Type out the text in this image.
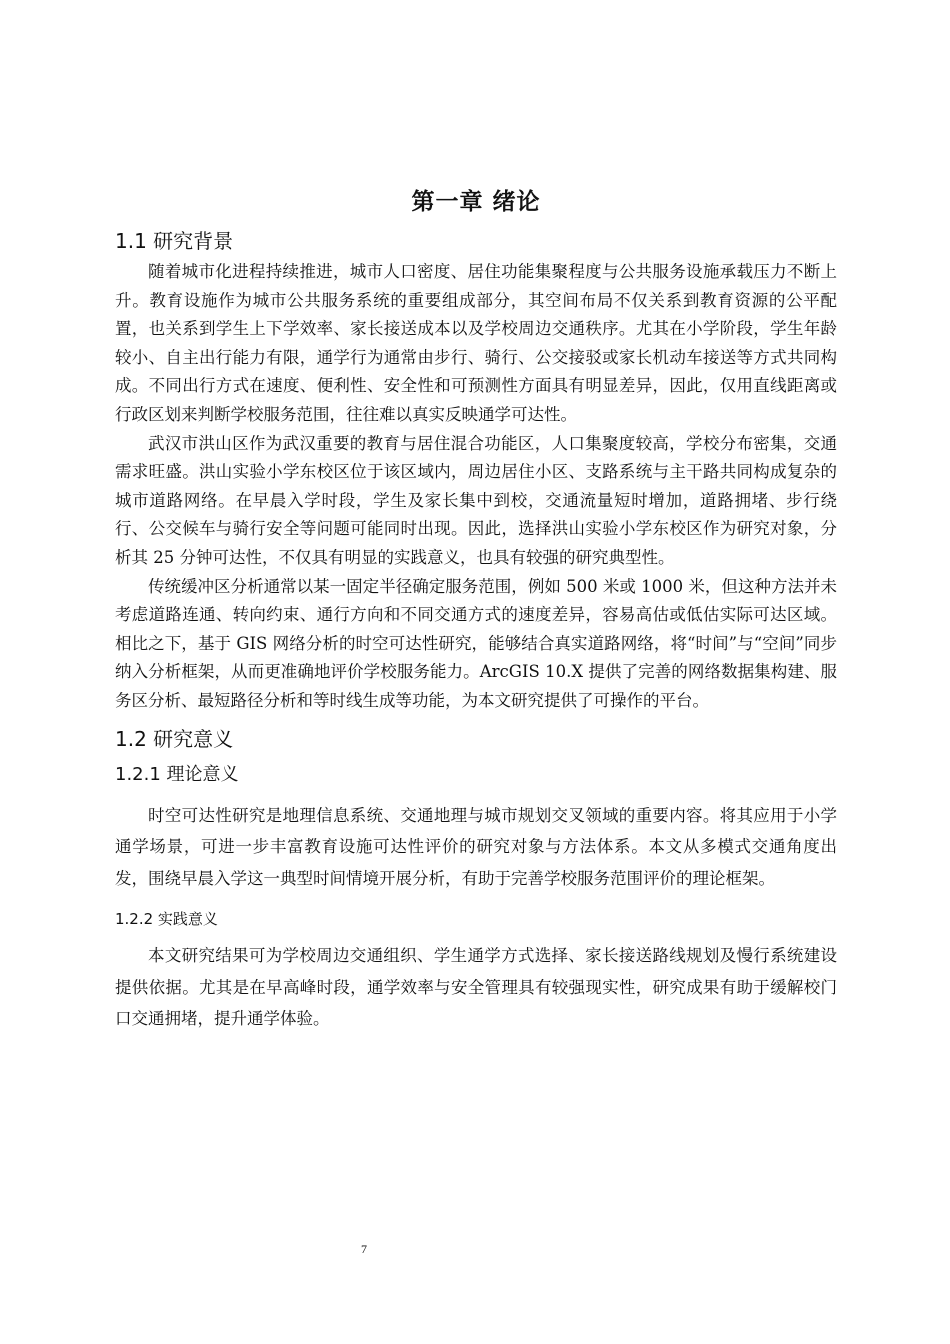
第一章 绪论
1.1 研究背景

随着城市化进程持续推进，城市人口密度、居住功能集聚程度与公共服务设施承载压力不断上升。教育设施作为城市公共服务系统的重要组成部分，其空间布局不仅关系到教育资源的公平配置，也关系到学生上下学效率、家长接送成本以及学校周边交通秩序。尤其在小学阶段，学生年龄较小、自主出行能力有限，通学行为通常由步行、骑行、公交接驳或家长机动车接送等方式共同构成。不同出行方式在速度、便利性、安全性和可预测性方面具有明显差异，因此，仅用直线距离或行政区划来判断学校服务范围，往往难以真实反映通学可达性。

武汉市洪山区作为武汉重要的教育与居住混合功能区，人口集聚度较高，学校分布密集，交通需求旺盛。洪山实验小学东校区位于该区域内，周边居住小区、支路系统与主干路共同构成复杂的城市道路网络。在早晨入学时段，学生及家长集中到校，交通流量短时增加，道路拥堵、步行绕行、公交候车与骑行安全等问题可能同时出现。因此，选择洪山实验小学东校区作为研究对象，分析其 25 分钟可达性，不仅具有明显的实践意义，也具有较强的研究典型性。

传统缓冲区分析通常以某一固定半径确定服务范围，例如 500 米或 1000 米，但这种方法并未考虑道路连通、转向约束、通行方向和不同交通方式的速度差异，容易高估或低估实际可达区域。相比之下，基于 GIS 网络分析的时空可达性研究，能够结合真实道路网络，将“时间”与“空间”同步纳入分析框架，从而更准确地评价学校服务能力。ArcGIS 10.X 提供了完善的网络数据集构建、服务区分析、最短路径分析和等时线生成等功能，为本文研究提供了可操作的平台。

1.2 研究意义
1.2.1 理论意义

时空可达性研究是地理信息系统、交通地理与城市规划交叉领域的重要内容。将其应用于小学通学场景，可进一步丰富教育设施可达性评价的研究对象与方法体系。本文从多模式交通角度出发，围绕早晨入学这一典型时间情境开展分析，有助于完善学校服务范围评价的理论框架。

1.2.2 实践意义

本文研究结果可为学校周边交通组织、学生通学方式选择、家长接送路线规划及慢行系统建设提供依据。尤其是在早高峰时段，通学效率与安全管理具有较强现实性，研究成果有助于缓解校门口交通拥堵，提升通学体验。

7
